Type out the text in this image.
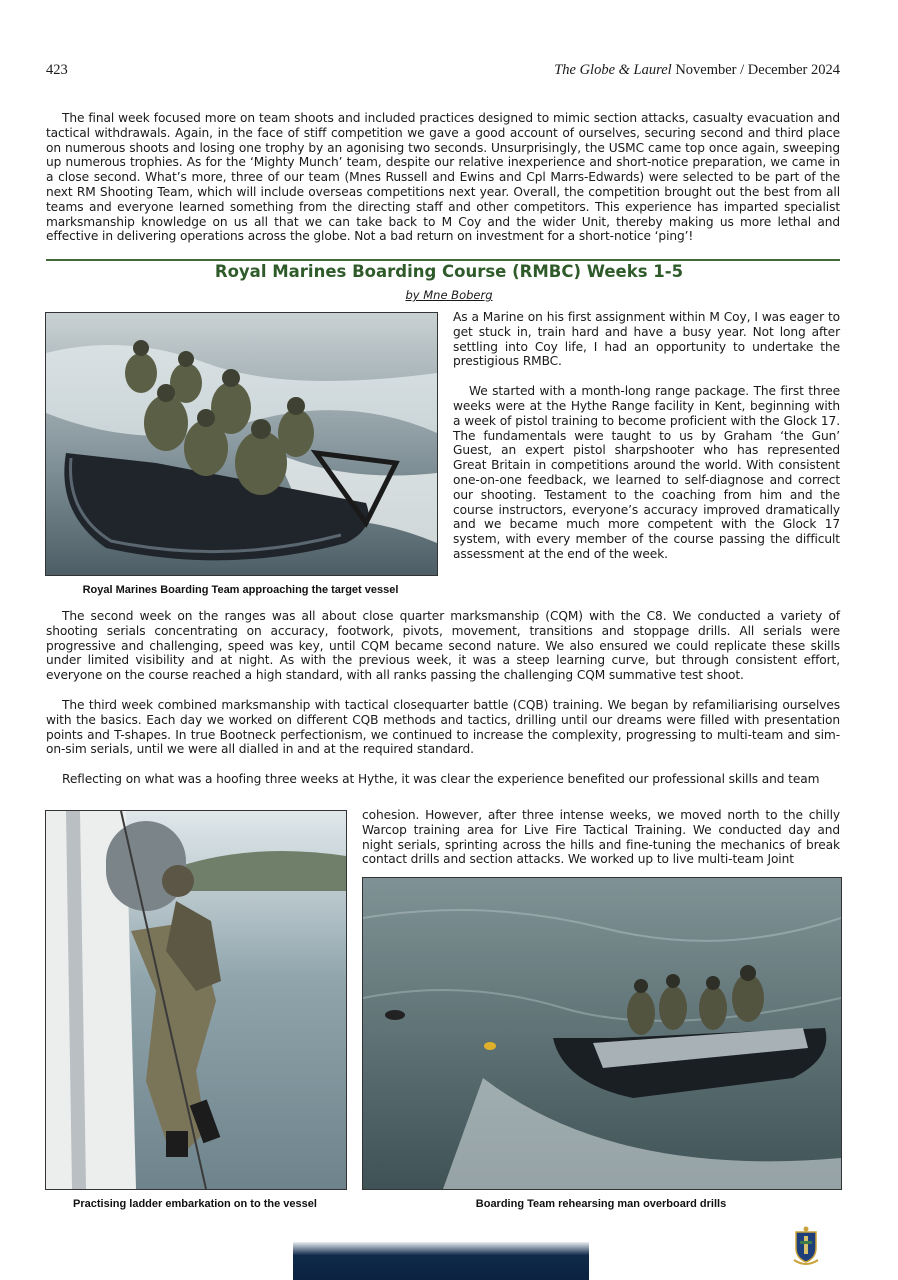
423	The Globe & Laurel November / December 2024

The final week focused more on team shoots and included practices designed to mimic section attacks, casualty evacuation and tactical withdrawals. Again, in the face of stiff competition we gave a good account of ourselves, securing second and third place on numerous shoots and losing one trophy by an agonising two seconds. Unsurprisingly, the USMC came top once again, sweeping up numerous trophies. As for the ‘Mighty Munch’ team, despite our relative inexperience and short-notice preparation, we came in a close second. What’s more, three of our team (Mnes Russell and Ewins and Cpl Marrs-Edwards) were selected to be part of the next RM Shooting Team, which will include overseas competitions next year. Overall, the competition brought out the best from all teams and everyone learned something from the directing staff and other competitors. This experience has imparted specialist marksmanship knowledge on us all that we can take back to M Coy and the wider Unit, thereby making us more lethal and effective in delivering operations across the globe. Not a bad return on investment for a short-notice ‘ping’!

Royal Marines Boarding Course (RMBC) Weeks 1-5
by Mne Boberg
Royal Marines Boarding Team approaching the target vessel

As a Marine on his first assignment within M Coy, I was eager to get stuck in, train hard and have a busy year. Not long after settling into Coy life, I had an opportunity to undertake the prestigious RMBC.

We started with a month-long range package. The first three weeks were at the Hythe Range facility in Kent, beginning with a week of pistol training to become proficient with the Glock 17. The fundamentals were taught to us by Graham ‘the Gun’ Guest, an expert pistol sharpshooter who has represented Great Britain in competitions around the world. With consistent one-on-one feedback, we learned to self-diagnose and correct our shooting. Testament to the coaching from him and the course instructors, everyone’s accuracy improved dramatically and we became much more competent with the Glock 17 system, with every member of the course passing the difficult assessment at the end of the week.

The second week on the ranges was all about close quarter marksmanship (CQM) with the C8. We conducted a variety of shooting serials concentrating on accuracy, footwork, pivots, movement, transitions and stoppage drills. All serials were progressive and challenging, speed was key, until CQM became second nature. We also ensured we could replicate these skills under limited visibility and at night. As with the previous week, it was a steep learning curve, but through consistent effort, everyone on the course reached a high standard, with all ranks passing the challenging CQM summative test shoot.

The third week combined marksmanship with tactical closequarter battle (CQB) training. We began by refamiliarising ourselves with the basics. Each day we worked on different CQB methods and tactics, drilling until our dreams were filled with presentation points and T-shapes. In true Bootneck perfectionism, we continued to increase the complexity, progressing to multi-team and sim-on-sim serials, until we were all dialled in and at the required standard.

Reflecting on what was a hoofing three weeks at Hythe, it was clear the experience benefited our professional skills and team

cohesion. However, after three intense weeks, we moved north to the chilly Warcop training area for Live Fire Tactical Training. We conducted day and night serials, sprinting across the hills and fine-tuning the mechanics of break contact drills and section attacks. We worked up to live multi-team Joint

Practising ladder embarkation on to the vessel	Boarding Team rehearsing man overboard drills
